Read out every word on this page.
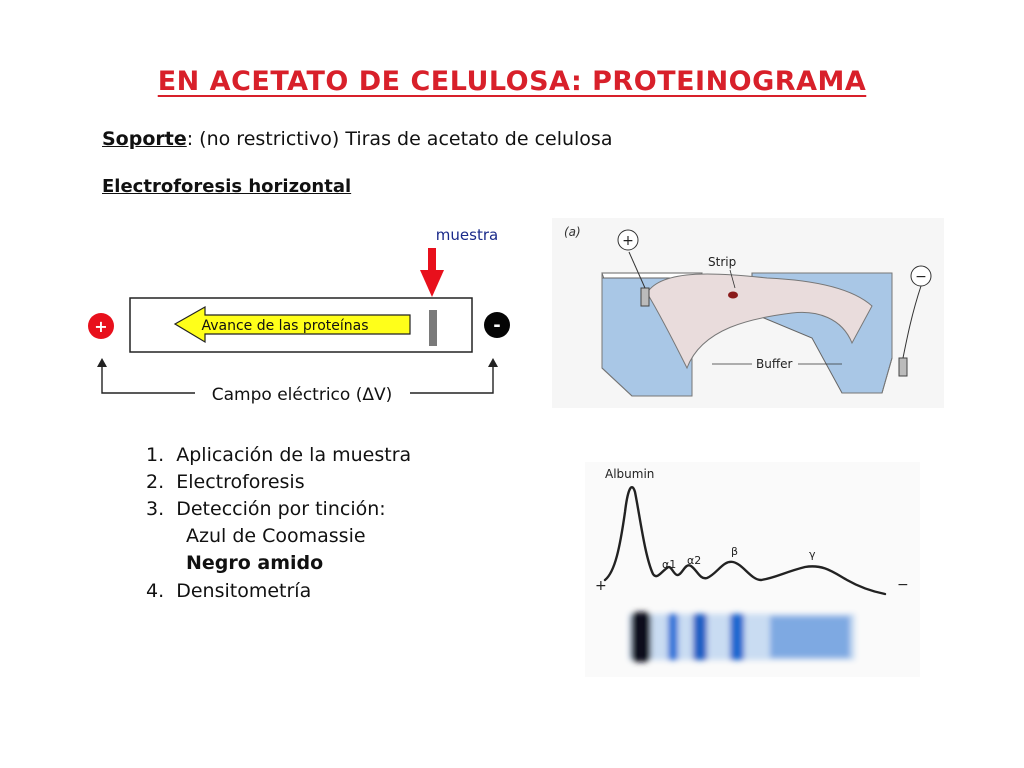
EN ACETATO DE CELULOSA: PROTEINOGRAMA
Soporte: (no restrictivo) Tiras de acetato de celulosa
Electroforesis horizontal
muestra
Avance de las proteínas
+	-
Campo eléctrico (ΔV)
(a)
+
−
Strip
Buffer
1. Aplicación de la muestra
2. Electroforesis
3. Detección por tinción:
Azul de Coomassie
Negro amido
4. Densitometría
Albumin
α1 α2
β	γ
+	−
